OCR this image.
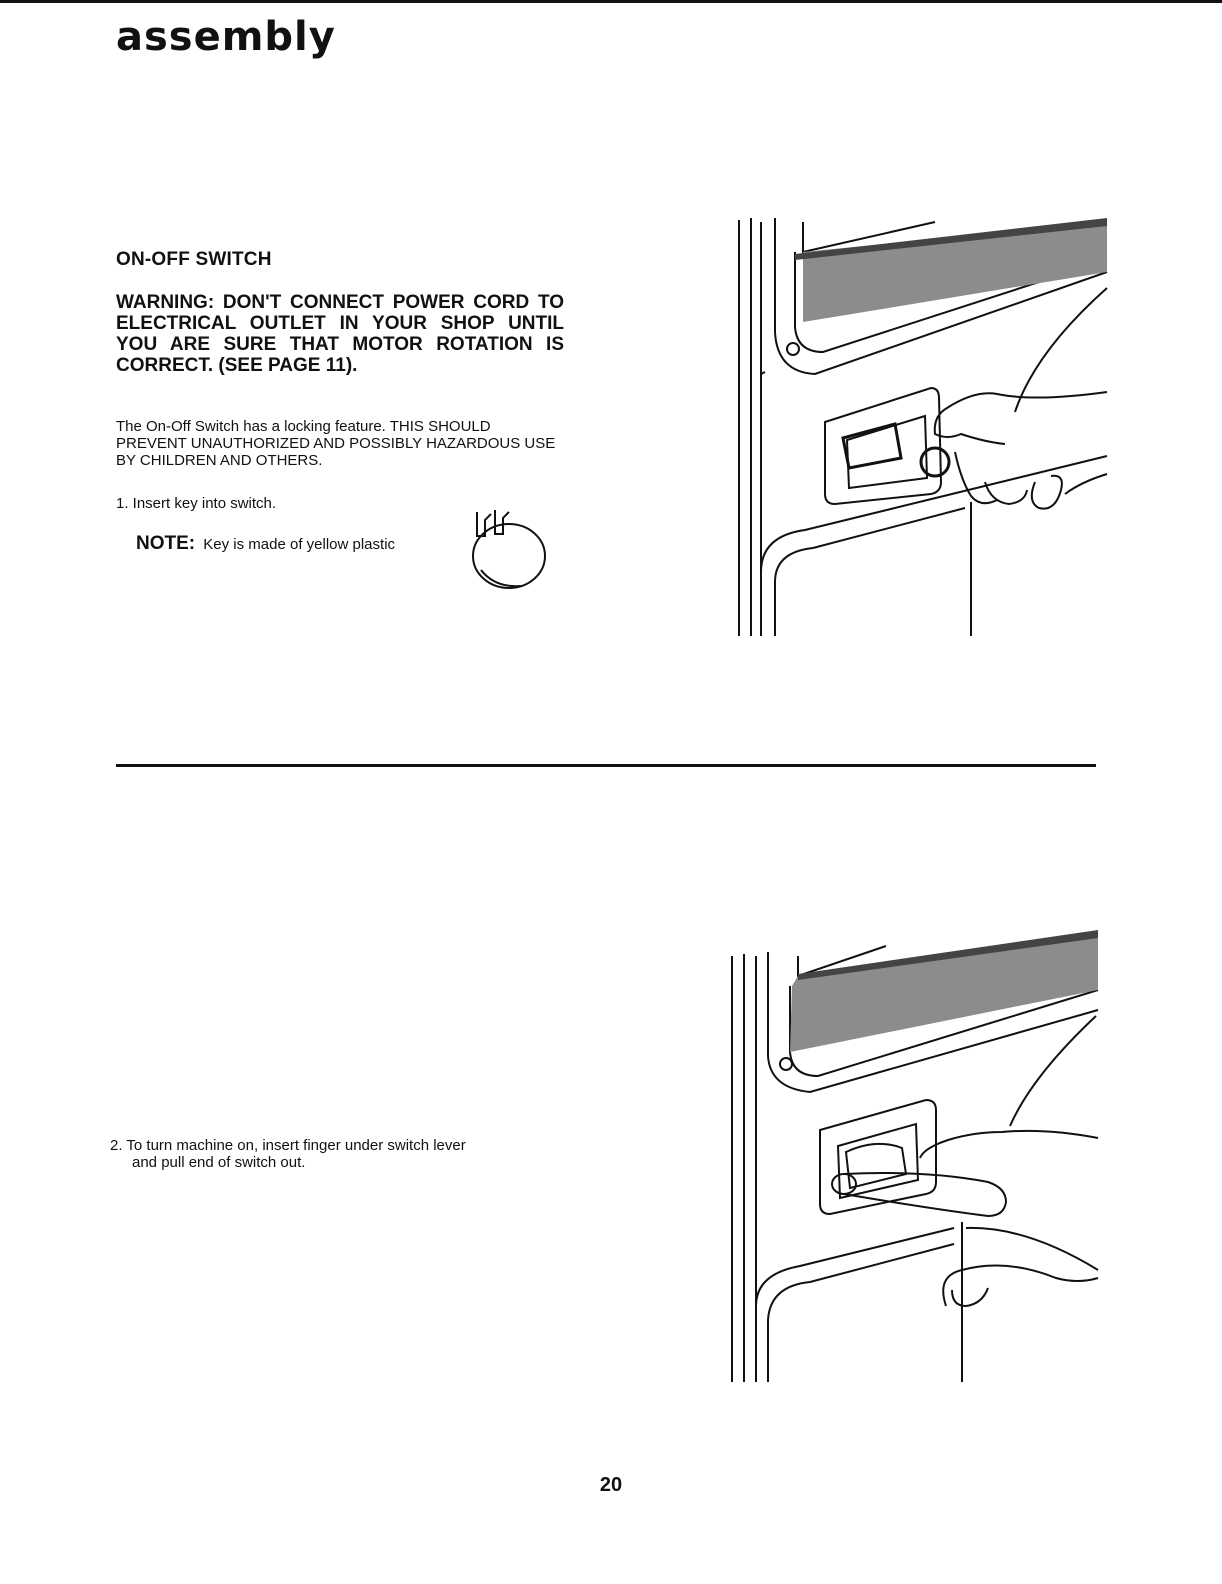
assembly
ON-OFF SWITCH

WARNING: DON'T CONNECT POWER CORD TO ELECTRICAL OUTLET IN YOUR SHOP UNTIL YOU ARE SURE THAT MOTOR ROTATION IS CORRECT. (SEE PAGE 11).

The On-Off Switch has a locking feature. THIS SHOULD PREVENT UNAUTHORIZED AND POSSIBLY HAZARDOUS USE BY CHILDREN AND OTHERS.

1. Insert key into switch.

NOTE: Key is made of yellow plastic

2. To turn machine on, insert finger under switch lever
and pull end of switch out.

20
